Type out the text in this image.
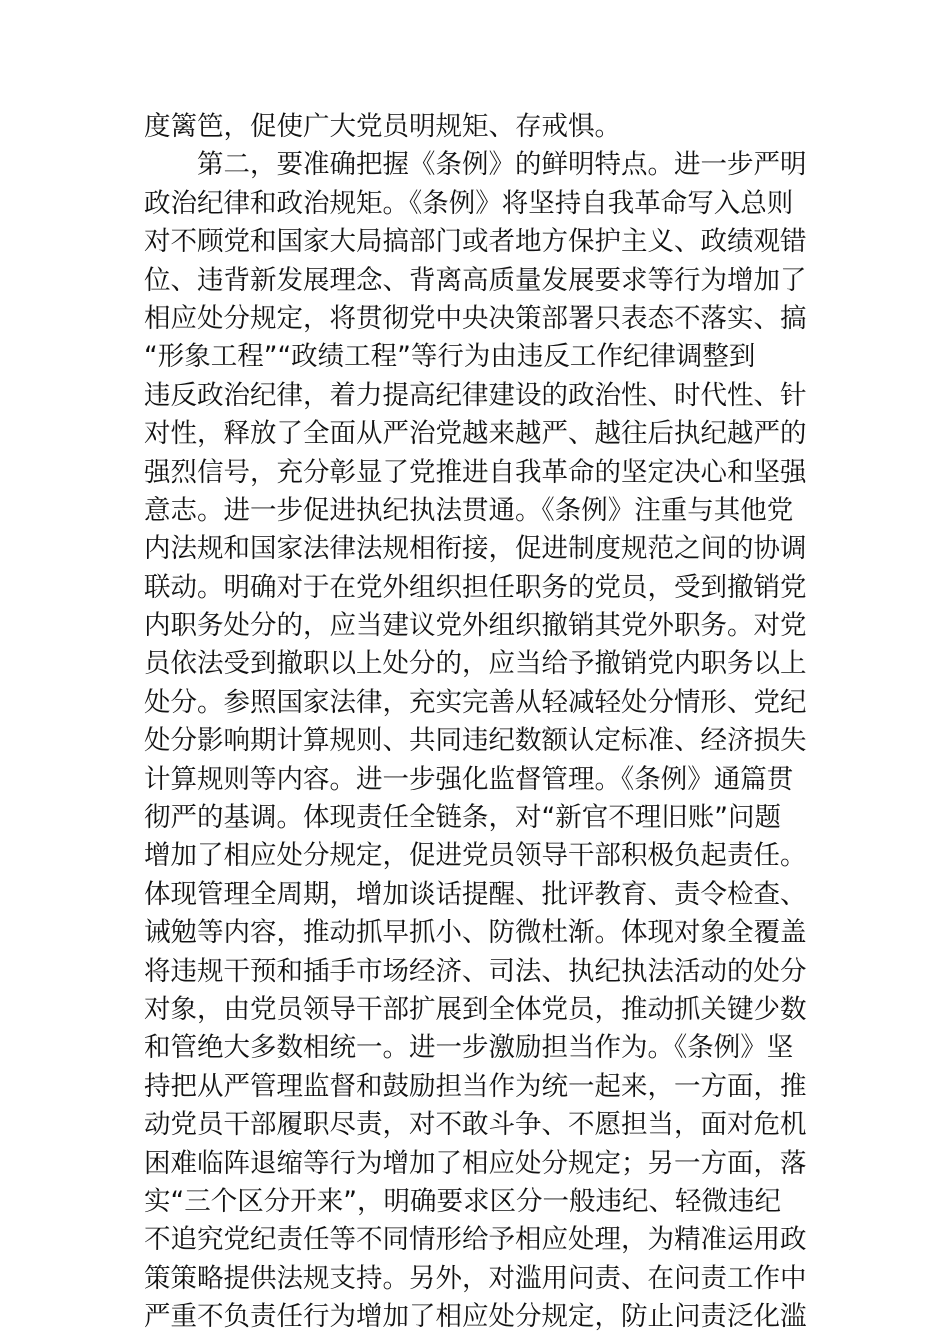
度篱笆，促使广大党员明规矩、存戒惧。
　　第二，要准确把握《条例》的鲜明特点。进一步严明
政治纪律和政治规矩。《条例》将坚持自我革命写入总则
对不顾党和国家大局搞部门或者地方保护主义、政绩观错
位、违背新发展理念、背离高质量发展要求等行为增加了
相应处分规定，将贯彻党中央决策部署只表态不落实、搞
“形象工程”“政绩工程”等行为由违反工作纪律调整到
违反政治纪律，着力提高纪律建设的政治性、时代性、针
对性，释放了全面从严治党越来越严、越往后执纪越严的
强烈信号，充分彰显了党推进自我革命的坚定决心和坚强
意志。进一步促进执纪执法贯通。《条例》注重与其他党
内法规和国家法律法规相衔接，促进制度规范之间的协调
联动。明确对于在党外组织担任职务的党员，受到撤销党
内职务处分的，应当建议党外组织撤销其党外职务。对党
员依法受到撤职以上处分的，应当给予撤销党内职务以上
处分。参照国家法律，充实完善从轻减轻处分情形、党纪
处分影响期计算规则、共同违纪数额认定标准、经济损失
计算规则等内容。进一步强化监督管理。《条例》通篇贯
彻严的基调。体现责任全链条，对“新官不理旧账”问题
增加了相应处分规定，促进党员领导干部积极负起责任。
体现管理全周期，增加谈话提醒、批评教育、责令检查、
诫勉等内容，推动抓早抓小、防微杜渐。体现对象全覆盖
将违规干预和插手市场经济、司法、执纪执法活动的处分
对象，由党员领导干部扩展到全体党员，推动抓关键少数
和管绝大多数相统一。进一步激励担当作为。《条例》坚
持把从严管理监督和鼓励担当作为统一起来，一方面，推
动党员干部履职尽责，对不敢斗争、不愿担当，面对危机
困难临阵退缩等行为增加了相应处分规定；另一方面，落
实“三个区分开来”，明确要求区分一般违纪、轻微违纪
不追究党纪责任等不同情形给予相应处理，为精准运用政
策策略提供法规支持。另外，对滥用问责、在问责工作中
严重不负责任行为增加了相应处分规定，防止问责泛化滥
